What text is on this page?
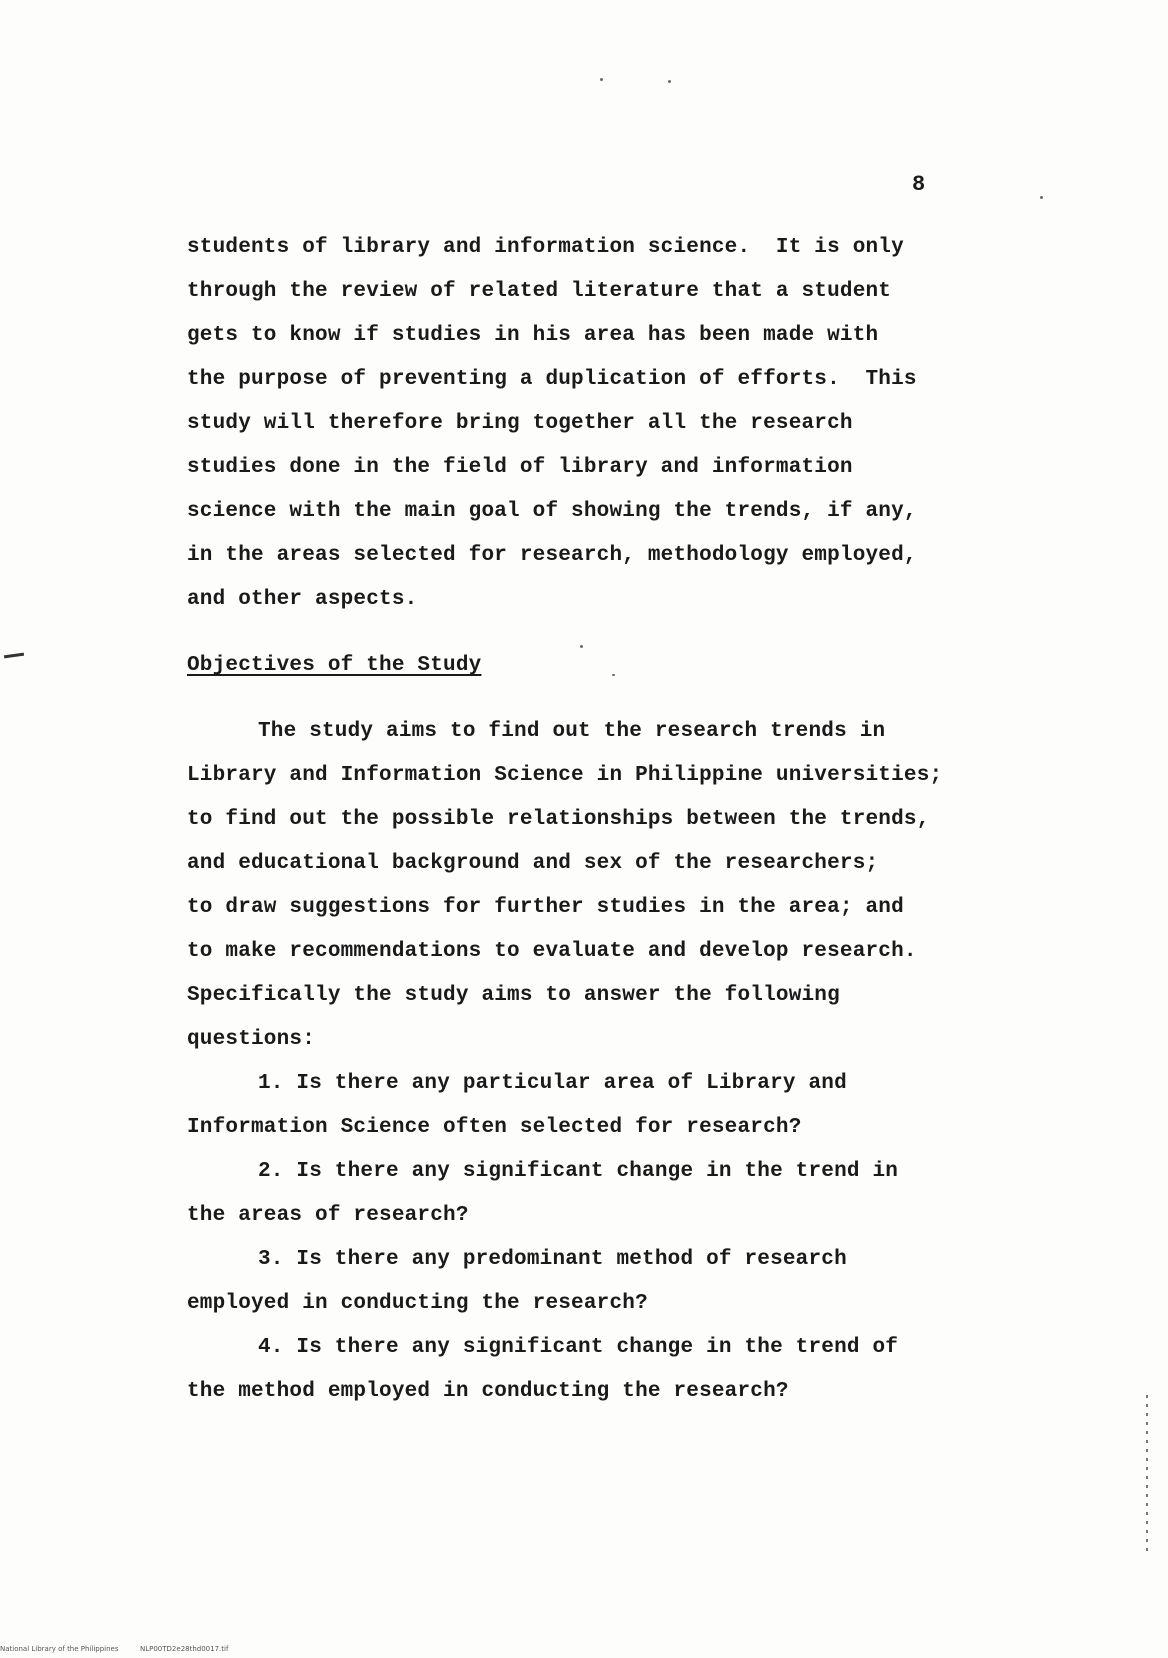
8
students of library and information science.  It is only
through the review of related literature that a student
gets to know if studies in his area has been made with
the purpose of preventing a duplication of efforts.  This
study will therefore bring together all the research
studies done in the field of library and information
science with the main goal of showing the trends, if any,
in the areas selected for research, methodology employed,
and other aspects.
Objectives of the Study
The study aims to find out the research trends in
Library and Information Science in Philippine universities;
to find out the possible relationships between the trends,
and educational background and sex of the researchers;
to draw suggestions for further studies in the area; and
to make recommendations to evaluate and develop research.
Specifically the study aims to answer the following
questions:
1. Is there any particular area of Library and
Information Science often selected for research?
2. Is there any significant change in the trend in
the areas of research?
3. Is there any predominant method of research
employed in conducting the research?
4. Is there any significant change in the trend of
the method employed in conducting the research?
National Library of the Philippines	NLP00TD2e28thd0017.tif
